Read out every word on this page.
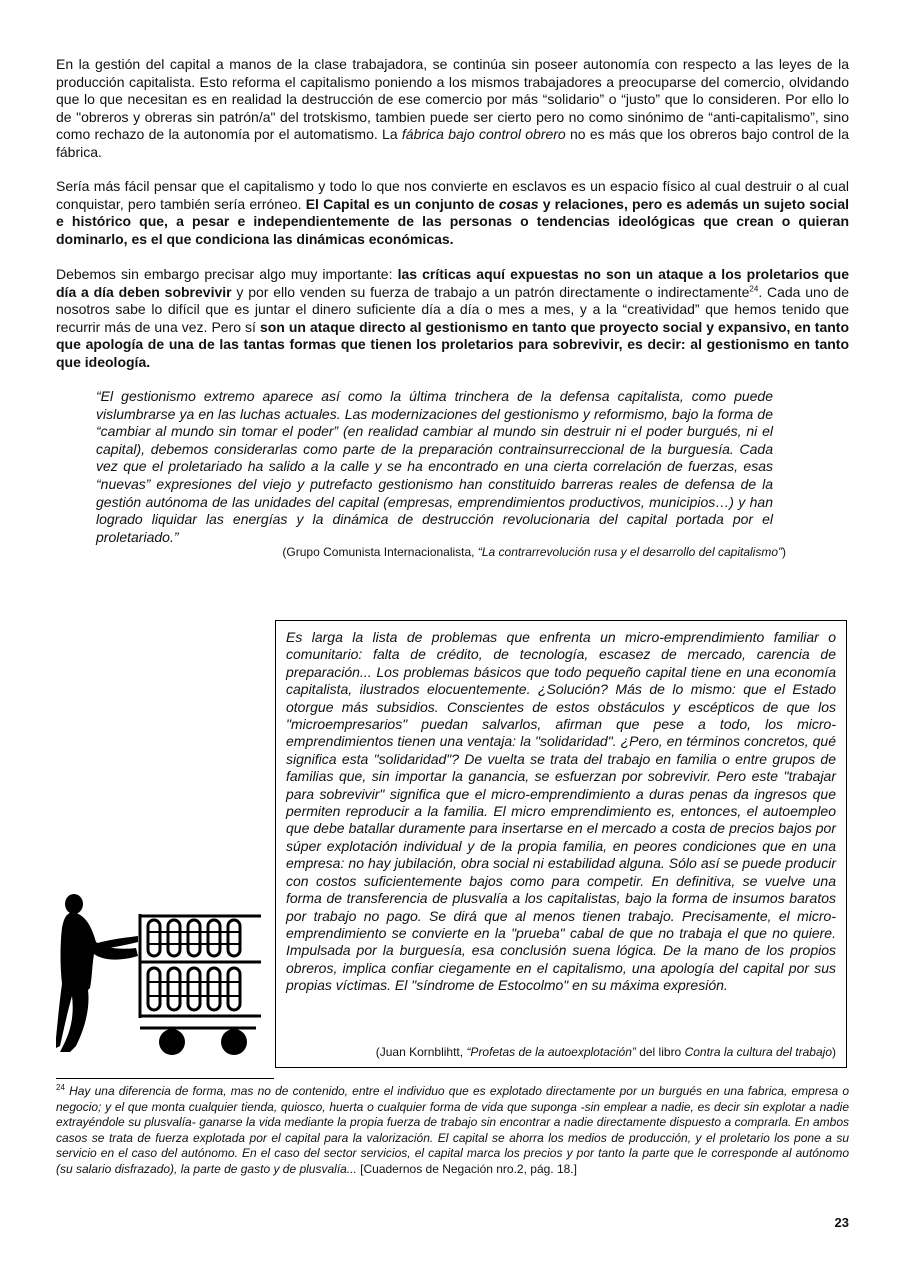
En la gestión del capital a manos de la clase trabajadora, se continúa sin poseer autonomía con respecto a las leyes de la producción capitalista. Esto reforma el capitalismo poniendo a los mismos trabajadores a preocuparse del comercio, olvidando que lo que necesitan es en realidad la destrucción de ese comercio por más “solidario” o “justo” que lo consideren. Por ello lo de "obreros y obreras sin patrón/a" del trotskismo, tambien puede ser cierto pero no como sinónimo de “anti-capitalismo”, sino como rechazo de la autonomía por el automatismo. La fábrica bajo control obrero no es más que los obreros bajo control de la fábrica.

Sería más fácil pensar que el capitalismo y todo lo que nos convierte en esclavos es un espacio físico al cual destruir o al cual conquistar, pero también sería erróneo. El Capital es un conjunto de cosas y relaciones, pero es además un sujeto social e histórico que, a pesar e independientemente de las personas o tendencias ideológicas que crean o quieran dominarlo, es el que condiciona las dinámicas económicas.

Debemos sin embargo precisar algo muy importante: las críticas aquí expuestas no son un ataque a los proletarios que día a día deben sobrevivir y por ello venden su fuerza de trabajo a un patrón directamente o indirectamente$^{24}$. Cada uno de nosotros sabe lo difícil que es juntar el dinero suficiente día a día o mes a mes, y a la “creatividad” que hemos tenido que recurrir más de una vez. Pero sí son un ataque directo al gestionismo en tanto que proyecto social y expansivo, en tanto que apología de una de las tantas formas que tienen los proletarios para sobrevivir, es decir: al gestionismo en tanto que ideología.

“El gestionismo extremo aparece así como la última trinchera de la defensa capitalista, como puede vislumbrarse ya en las luchas actuales. Las modernizaciones del gestionismo y reformismo, bajo la forma de “cambiar al mundo sin tomar el poder” (en realidad cambiar al mundo sin destruir ni el poder burgués, ni el capital), debemos considerarlas como parte de la preparación contrainsurreccional de la burguesía. Cada vez que el proletariado ha salido a la calle y se ha encontrado en una cierta correlación de fuerzas, esas “nuevas” expresiones del viejo y putrefacto gestionismo han constituido barreras reales de defensa de la gestión autónoma de las unidades del capital (empresas, emprendimientos productivos, municipios…) y han logrado liquidar las energías y la dinámica de destrucción revolucionaria del capital portada por el proletariado.”

(Grupo Comunista Internacionalista, “La contrarrevolución rusa y el desarrollo del capitalismo”)

Es larga la lista de problemas que enfrenta un micro-emprendimiento familiar o comunitario: falta de crédito, de tecnología, escasez de mercado, carencia de preparación... Los problemas básicos que todo pequeño capital tiene en una economía capitalista, ilustrados elocuentemente. ¿Solución? Más de lo mismo: que el Estado otorgue más subsidios. Conscientes de estos obstáculos y escépticos de que los "microempresarios" puedan salvarlos, afirman que pese a todo, los micro-emprendimientos tienen una ventaja: la "solidaridad". ¿Pero, en términos concretos, qué significa esta "solidaridad"? De vuelta se trata del trabajo en familia o entre grupos de familias que, sin importar la ganancia, se esfuerzan por sobrevivir. Pero este "trabajar para sobrevivir" significa que el micro-emprendimiento a duras penas da ingresos que permiten reproducir a la familia. El micro emprendimiento es, entonces, el autoempleo que debe batallar duramente para insertarse en el mercado a costa de precios bajos por súper explotación individual y de la propia familia, en peores condiciones que en una empresa: no hay jubilación, obra social ni estabilidad alguna. Sólo así se puede producir con costos suficientemente bajos como para competir. En definitiva, se vuelve una forma de transferencia de plusvalía a los capitalistas, bajo la forma de insumos baratos por trabajo no pago. Se dirá que al menos tienen trabajo. Precisamente, el micro-emprendimiento se convierte en la "prueba" cabal de que no trabaja el que no quiere. Impulsada por la burguesía, esa conclusión suena lógica. De la mano de los propios obreros, implica confiar ciegamente en el capitalismo, una apología del capital por sus propias víctimas. El "síndrome de Estocolmo" en su máxima expresión.

(Juan Kornblihtt, “Profetas de la autoexplotación” del libro Contra la cultura del trabajo)

$^{24}$ Hay una diferencia de forma, mas no de contenido, entre el individuo que es explotado directamente por un burgués en una fabrica, empresa o negocio; y el que monta cualquier tienda, quiosco, huerta o cualquier forma de vida que suponga -sin emplear a nadie, es decir sin explotar a nadie extrayéndole su plusvalía- ganarse la vida mediante la propia fuerza de trabajo sin encontrar a nadie directamente dispuesto a comprarla. En ambos casos se trata de fuerza explotada por el capital para la valorización. El capital se ahorra los medios de producción, y el proletario los pone a su servicio en el caso del autónomo. En el caso del sector servicios, el capital marca los precios y por tanto la parte que le corresponde al autónomo (su salario disfrazado), la parte de gasto y de plusvalía... [Cuadernos de Negación nro.2, pág. 18.]

23
